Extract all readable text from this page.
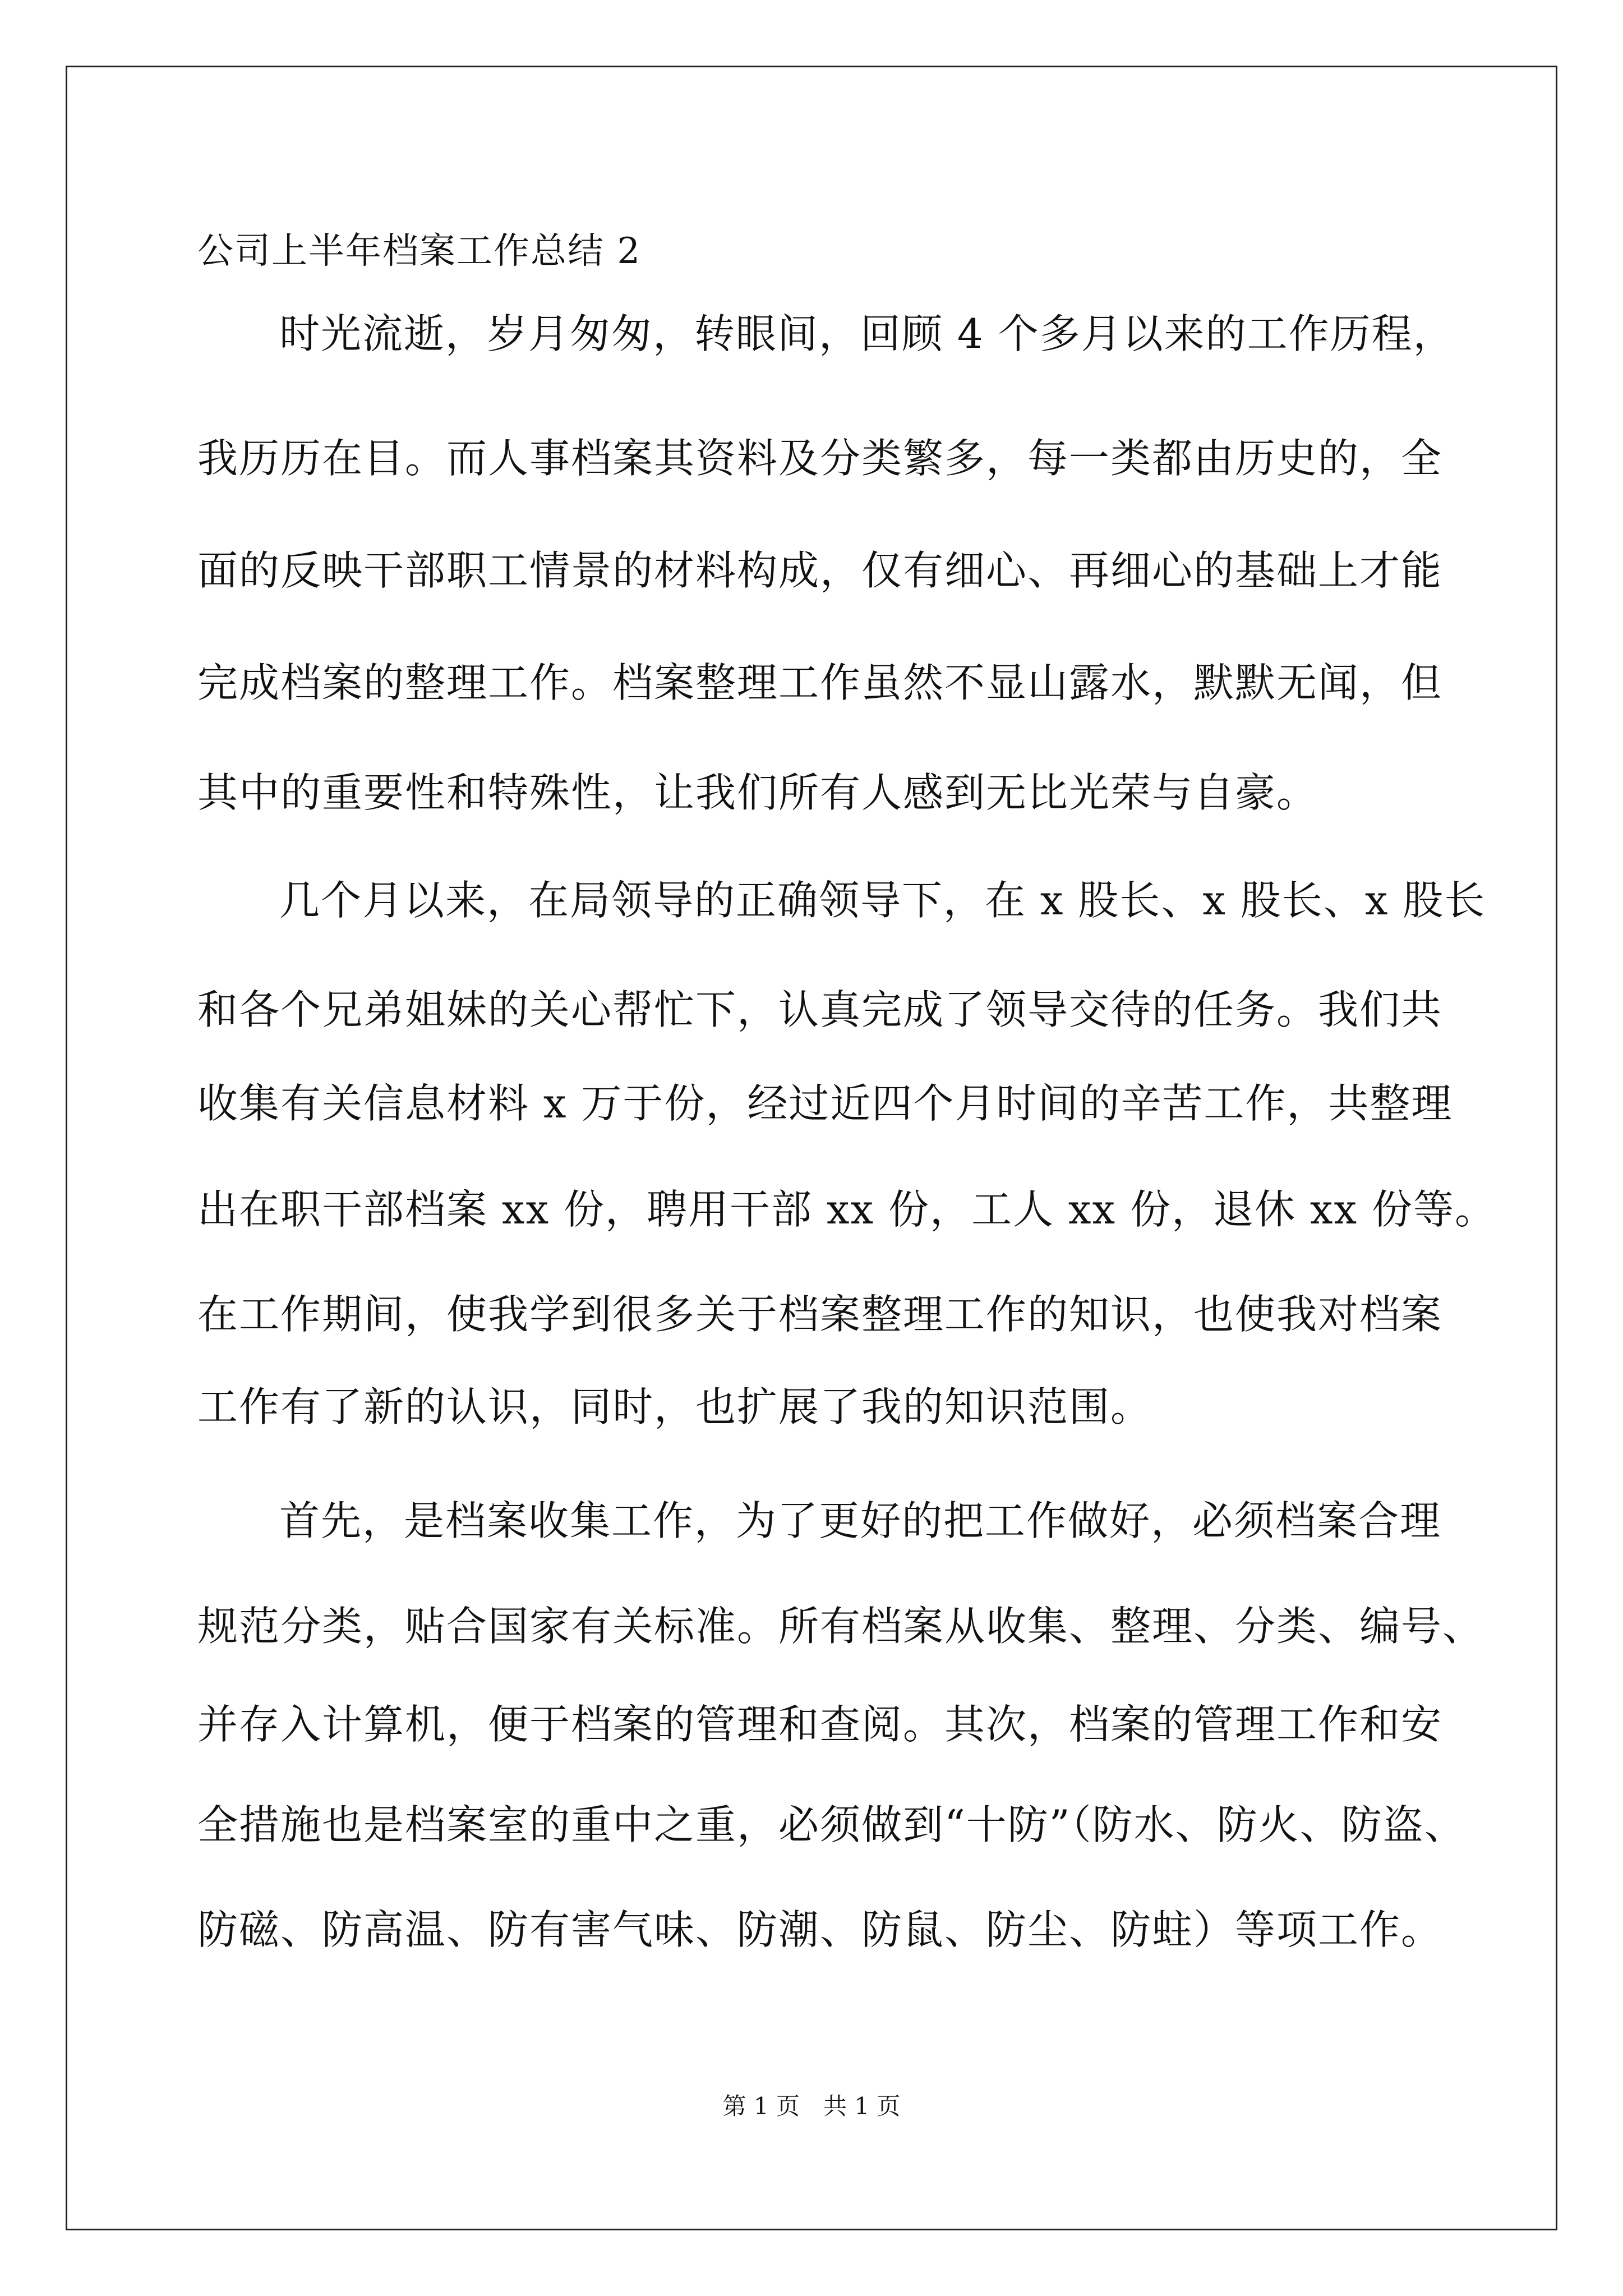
公司上半年档案工作总结 2

时光流逝，岁月匆匆，转眼间，回顾 4 个多月以来的工作历程，

我历历在目。而人事档案其资料及分类繁多，每一类都由历史的，全

面的反映干部职工情景的材料构成，仅有细心、再细心的基础上才能

完成档案的整理工作。档案整理工作虽然不显山露水，默默无闻，但

其中的重要性和特殊性，让我们所有人感到无比光荣与自豪。

几个月以来，在局领导的正确领导下，在 x 股长、x 股长、x 股长

和各个兄弟姐妹的关心帮忙下，认真完成了领导交待的任务。我们共

收集有关信息材料 x 万于份，经过近四个月时间的辛苦工作，共整理

出在职干部档案 xx 份，聘用干部 xx 份，工人 xx 份，退休 xx 份等。

在工作期间，使我学到很多关于档案整理工作的知识，也使我对档案

工作有了新的认识，同时，也扩展了我的知识范围。

首先，是档案收集工作，为了更好的把工作做好，必须档案合理

规范分类，贴合国家有关标准。所有档案从收集、整理、分类、编号、

并存入计算机，便于档案的管理和查阅。其次，档案的管理工作和安

全措施也是档案室的重中之重，必须做到“十防”（防水、防火、防盗、

防磁、防高温、防有害气味、防潮、防鼠、防尘、防蛀）等项工作。

第 1 页　共 1 页
